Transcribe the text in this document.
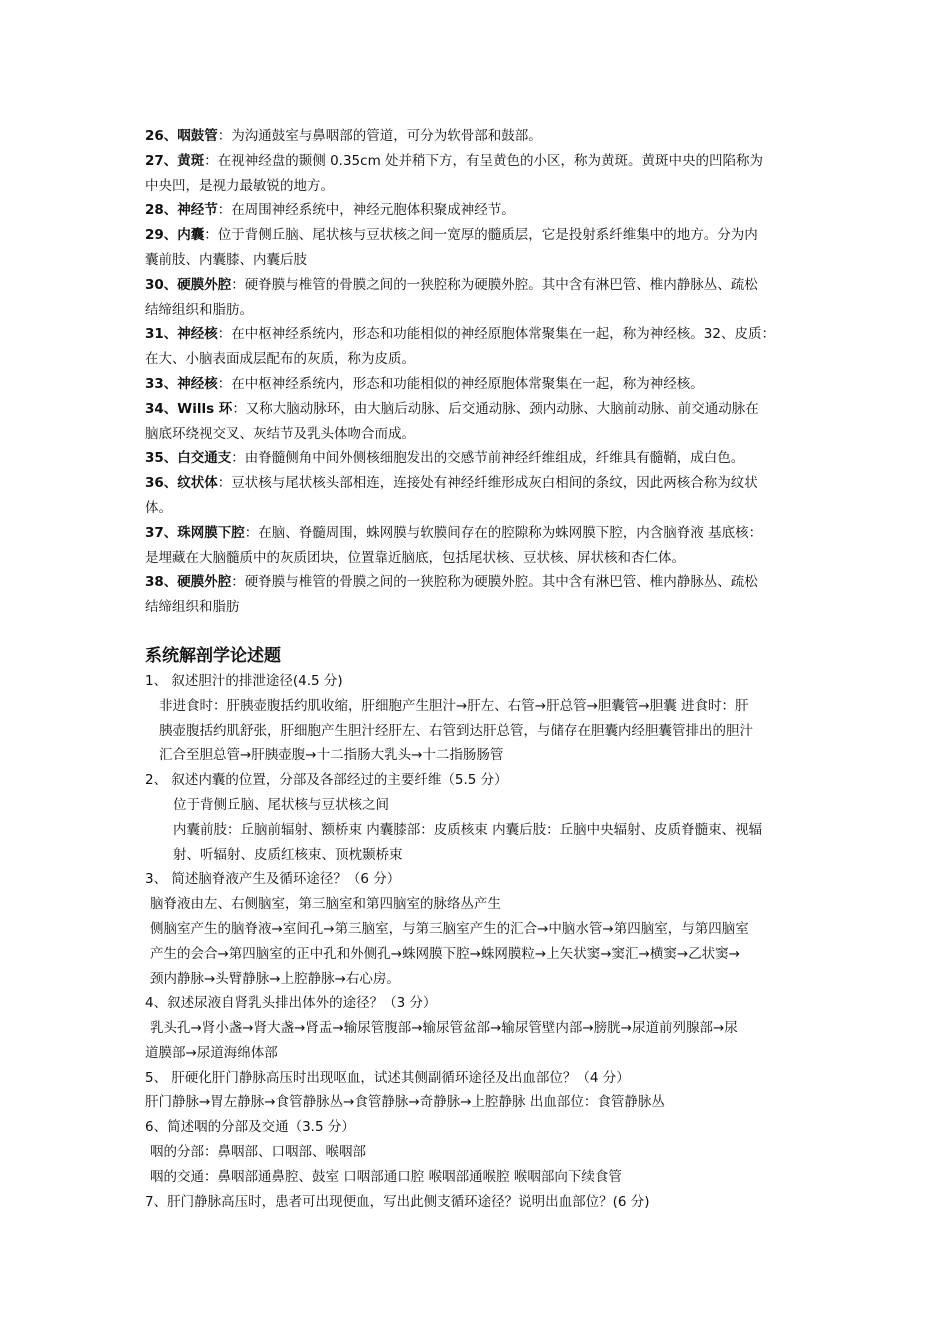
26、咽鼓管：为沟通鼓室与鼻咽部的管道，可分为软骨部和鼓部。
27、黄斑：在视神经盘的颞侧 0.35cm 处并稍下方，有呈黄色的小区，称为黄斑。黄斑中央的凹陷称为
中央凹，是视力最敏锐的地方。
28、神经节：在周围神经系统中，神经元胞体积聚成神经节。
29、内囊：位于背侧丘脑、尾状核与豆状核之间一宽厚的髓质层，它是投射系纤维集中的地方。分为内
囊前肢、内囊膝、内囊后肢
30、硬膜外腔：硬脊膜与椎管的骨膜之间的一狭腔称为硬膜外腔。其中含有淋巴管、椎内静脉丛、疏松
结缔组织和脂肪。
31、神经核：在中枢神经系统内，形态和功能相似的神经原胞体常聚集在一起，称为神经核。32、皮质：
在大、小脑表面成层配布的灰质，称为皮质。
33、神经核：在中枢神经系统内，形态和功能相似的神经原胞体常聚集在一起，称为神经核。
34、Wills 环：又称大脑动脉环，由大脑后动脉、后交通动脉、颈内动脉、大脑前动脉、前交通动脉在
脑底环绕视交叉、灰结节及乳头体吻合而成。
35、白交通支：由脊髓侧角中间外侧核细胞发出的交感节前神经纤维组成，纤维具有髓鞘，成白色。
36、纹状体：豆状核与尾状核头部相连，连接处有神经纤维形成灰白相间的条纹，因此两核合称为纹状
体。
37、珠网膜下腔：在脑、脊髓周围，蛛网膜与软膜间存在的腔隙称为蛛网膜下腔，内含脑脊液 基底核：
是埋藏在大脑髓质中的灰质团块，位置靠近脑底，包括尾状核、豆状核、屏状核和杏仁体。
38、硬膜外腔：硬脊膜与椎管的骨膜之间的一狭腔称为硬膜外腔。其中含有淋巴管、椎内静脉丛、疏松
结缔组织和脂肪
系统解剖学论述题
1、 叙述胆汁的排泄途径(4.5 分)
非进食时：肝胰壶腹括约肌收缩，肝细胞产生胆汁→肝左、右管→肝总管→胆囊管→胆囊 进食时：肝
胰壶腹括约肌舒张，肝细胞产生胆汁经肝左、右管到达肝总管，与储存在胆囊内经胆囊管排出的胆汁
汇合至胆总管→肝胰壶腹→十二指肠大乳头→十二指肠肠管
2、 叙述内囊的位置，分部及各部经过的主要纤维（5.5 分）
位于背侧丘脑、尾状核与豆状核之间
内囊前肢：丘脑前辐射、额桥束 内囊膝部：皮质核束 内囊后肢：丘脑中央辐射、皮质脊髓束、视辐
射、听辐射、皮质红核束、顶枕颞桥束
3、 简述脑脊液产生及循环途径？（6 分）
脑脊液由左、右侧脑室，第三脑室和第四脑室的脉络丛产生
侧脑室产生的脑脊液→室间孔→第三脑室，与第三脑室产生的汇合→中脑水管→第四脑室，与第四脑室
产生的会合→第四脑室的正中孔和外侧孔→蛛网膜下腔→蛛网膜粒→上矢状窦→窦汇→横窦→乙状窦→
颈内静脉→头臂静脉→上腔静脉→右心房。
4、叙述尿液自肾乳头排出体外的途径？（3 分）
乳头孔→肾小盏→肾大盏→肾盂→输尿管腹部→输尿管盆部→输尿管壁内部→膀胱→尿道前列腺部→尿
道膜部→尿道海绵体部
5、 肝硬化肝门静脉高压时出现呕血，试述其侧副循环途径及出血部位？（4 分）
肝门静脉→胃左静脉→食管静脉丛→食管静脉→奇静脉→上腔静脉 出血部位：食管静脉丛
6、简述咽的分部及交通（3.5 分）
咽的分部：鼻咽部、口咽部、喉咽部
咽的交通：鼻咽部通鼻腔、鼓室 口咽部通口腔 喉咽部通喉腔 喉咽部向下续食管
7、肝门静脉高压时，患者可出现便血，写出此侧支循环途径？说明出血部位？(6 分)
